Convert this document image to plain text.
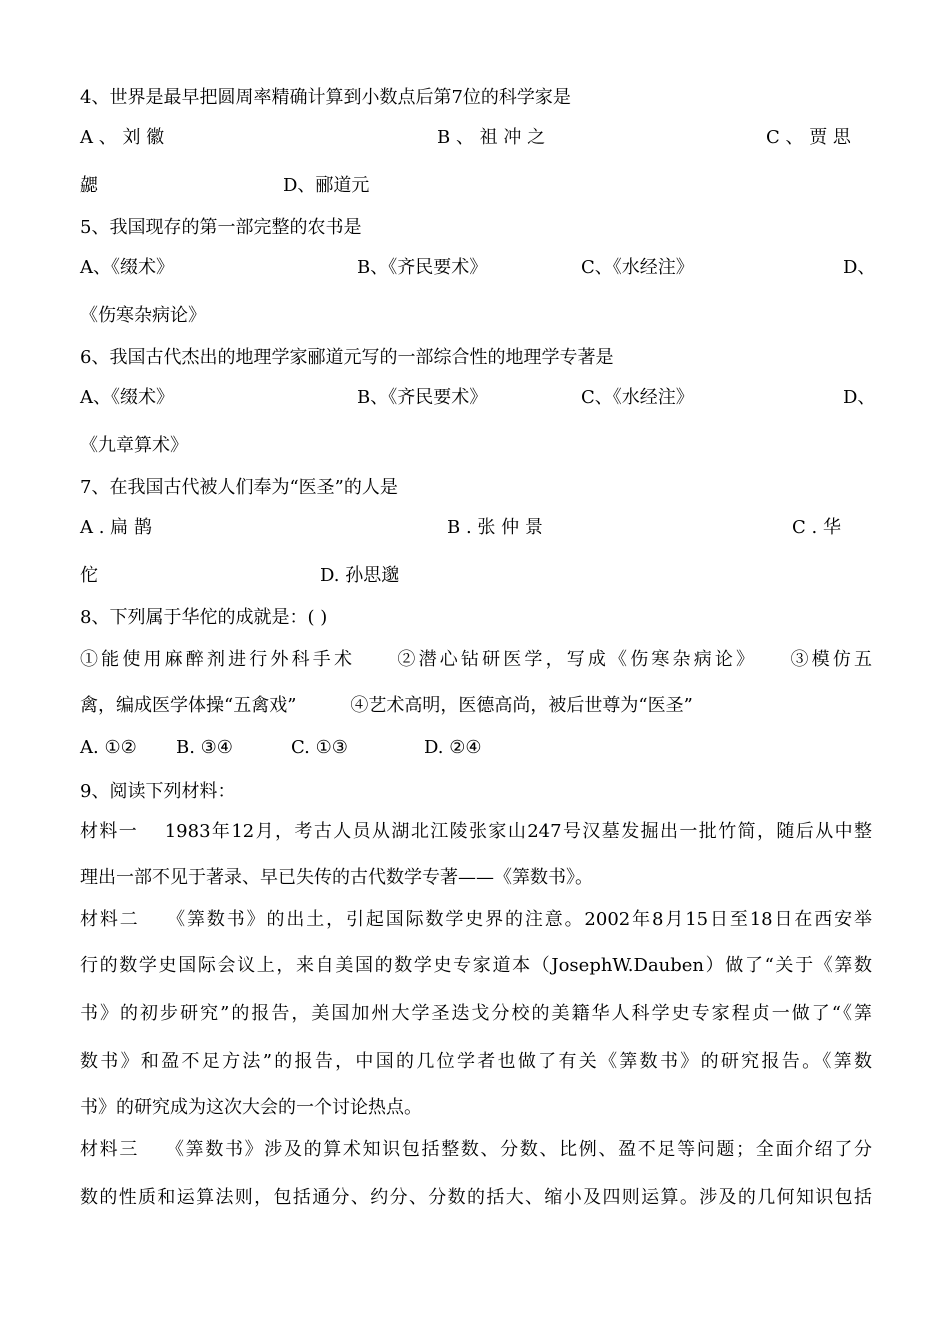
4、世界是最早把圆周率精确计算到小数点后第7位的科学家是
A 、 刘 徽	B 、 祖 冲 之	C 、 贾 思
勰	D、郦道元
5、我国现存的第一部完整的农书是
A、《缀术》	B、《齐民要术》	C、《水经注》	D、
《伤寒杂病论》
6、我国古代杰出的地理学家郦道元写的一部综合性的地理学专著是
A、《缀术》	B、《齐民要术》	C、《水经注》	D、
《九章算术》
7、在我国古代被人们奉为“医圣”的人是
A . 扁 鹊	B . 张 仲 景	C . 华
佗	D. 孙思邈
8、下列属于华佗的成就是：( )
①能使用麻醉剂进行外科手术　　②潜心钻研医学，写成《伤寒杂病论》　　③模仿五
禽，编成医学体操“五禽戏”　　　④艺术高明，医德高尚，被后世尊为“医圣”
A. ①② B. ③④	C. ①③	D. ②④
9、阅读下列材料：
材料一　 1983年12月，考古人员从湖北江陵张家山247号汉墓发掘出一批竹简，随后从中整
理出一部不见于著录、早已失传的古代数学专著——《筭数书》。
材料二　 《筭数书》的出土，引起国际数学史界的注意。2002年8月15日至18日在西安举
行的数学史国际会议上，来自美国的数学史专家道本（JosephW.Dauben）做了“关于《筭数
书》的初步研究”的报告，美国加州大学圣迭戈分校的美籍华人科学史专家程贞一做了“《筭
数书》和盈不足方法”的报告，中国的几位学者也做了有关《筭数书》的研究报告。《筭数
书》的研究成为这次大会的一个讨论热点。
材料三　 《筭数书》涉及的算术知识包括整数、分数、比例、盈不足等问题；全面介绍了分
数的性质和运算法则，包括通分、约分、分数的括大、缩小及四则运算。涉及的几何知识包括
